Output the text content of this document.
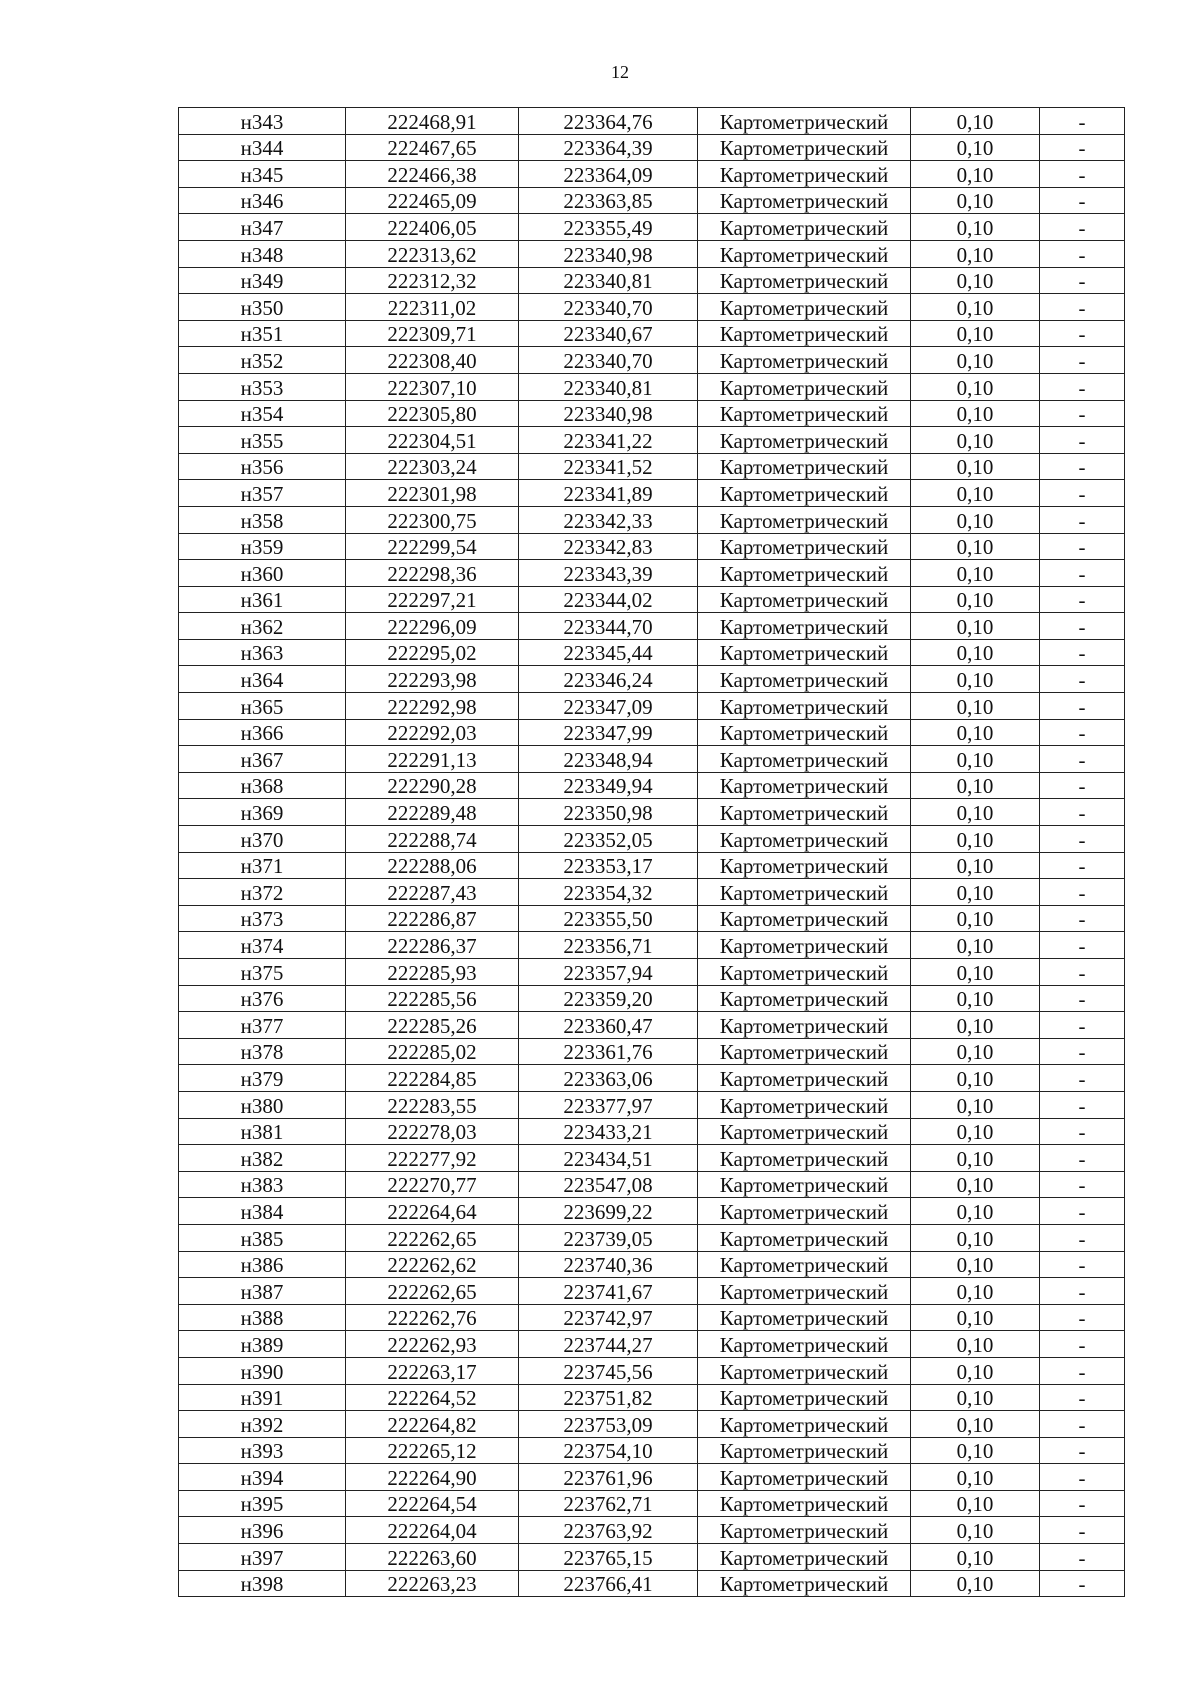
12
н343	222468,91	223364,76	Картометрический	0,10	-
н344	222467,65	223364,39	Картометрический	0,10	-
н345	222466,38	223364,09	Картометрический	0,10	-
н346	222465,09	223363,85	Картометрический	0,10	-
н347	222406,05	223355,49	Картометрический	0,10	-
н348	222313,62	223340,98	Картометрический	0,10	-
н349	222312,32	223340,81	Картометрический	0,10	-
н350	222311,02	223340,70	Картометрический	0,10	-
н351	222309,71	223340,67	Картометрический	0,10	-
н352	222308,40	223340,70	Картометрический	0,10	-
н353	222307,10	223340,81	Картометрический	0,10	-
н354	222305,80	223340,98	Картометрический	0,10	-
н355	222304,51	223341,22	Картометрический	0,10	-
н356	222303,24	223341,52	Картометрический	0,10	-
н357	222301,98	223341,89	Картометрический	0,10	-
н358	222300,75	223342,33	Картометрический	0,10	-
н359	222299,54	223342,83	Картометрический	0,10	-
н360	222298,36	223343,39	Картометрический	0,10	-
н361	222297,21	223344,02	Картометрический	0,10	-
н362	222296,09	223344,70	Картометрический	0,10	-
н363	222295,02	223345,44	Картометрический	0,10	-
н364	222293,98	223346,24	Картометрический	0,10	-
н365	222292,98	223347,09	Картометрический	0,10	-
н366	222292,03	223347,99	Картометрический	0,10	-
н367	222291,13	223348,94	Картометрический	0,10	-
н368	222290,28	223349,94	Картометрический	0,10	-
н369	222289,48	223350,98	Картометрический	0,10	-
н370	222288,74	223352,05	Картометрический	0,10	-
н371	222288,06	223353,17	Картометрический	0,10	-
н372	222287,43	223354,32	Картометрический	0,10	-
н373	222286,87	223355,50	Картометрический	0,10	-
н374	222286,37	223356,71	Картометрический	0,10	-
н375	222285,93	223357,94	Картометрический	0,10	-
н376	222285,56	223359,20	Картометрический	0,10	-
н377	222285,26	223360,47	Картометрический	0,10	-
н378	222285,02	223361,76	Картометрический	0,10	-
н379	222284,85	223363,06	Картометрический	0,10	-
н380	222283,55	223377,97	Картометрический	0,10	-
н381	222278,03	223433,21	Картометрический	0,10	-
н382	222277,92	223434,51	Картометрический	0,10	-
н383	222270,77	223547,08	Картометрический	0,10	-
н384	222264,64	223699,22	Картометрический	0,10	-
н385	222262,65	223739,05	Картометрический	0,10	-
н386	222262,62	223740,36	Картометрический	0,10	-
н387	222262,65	223741,67	Картометрический	0,10	-
н388	222262,76	223742,97	Картометрический	0,10	-
н389	222262,93	223744,27	Картометрический	0,10	-
н390	222263,17	223745,56	Картометрический	0,10	-
н391	222264,52	223751,82	Картометрический	0,10	-
н392	222264,82	223753,09	Картометрический	0,10	-
н393	222265,12	223754,10	Картометрический	0,10	-
н394	222264,90	223761,96	Картометрический	0,10	-
н395	222264,54	223762,71	Картометрический	0,10	-
н396	222264,04	223763,92	Картометрический	0,10	-
н397	222263,60	223765,15	Картометрический	0,10	-
н398	222263,23	223766,41	Картометрический	0,10	-
